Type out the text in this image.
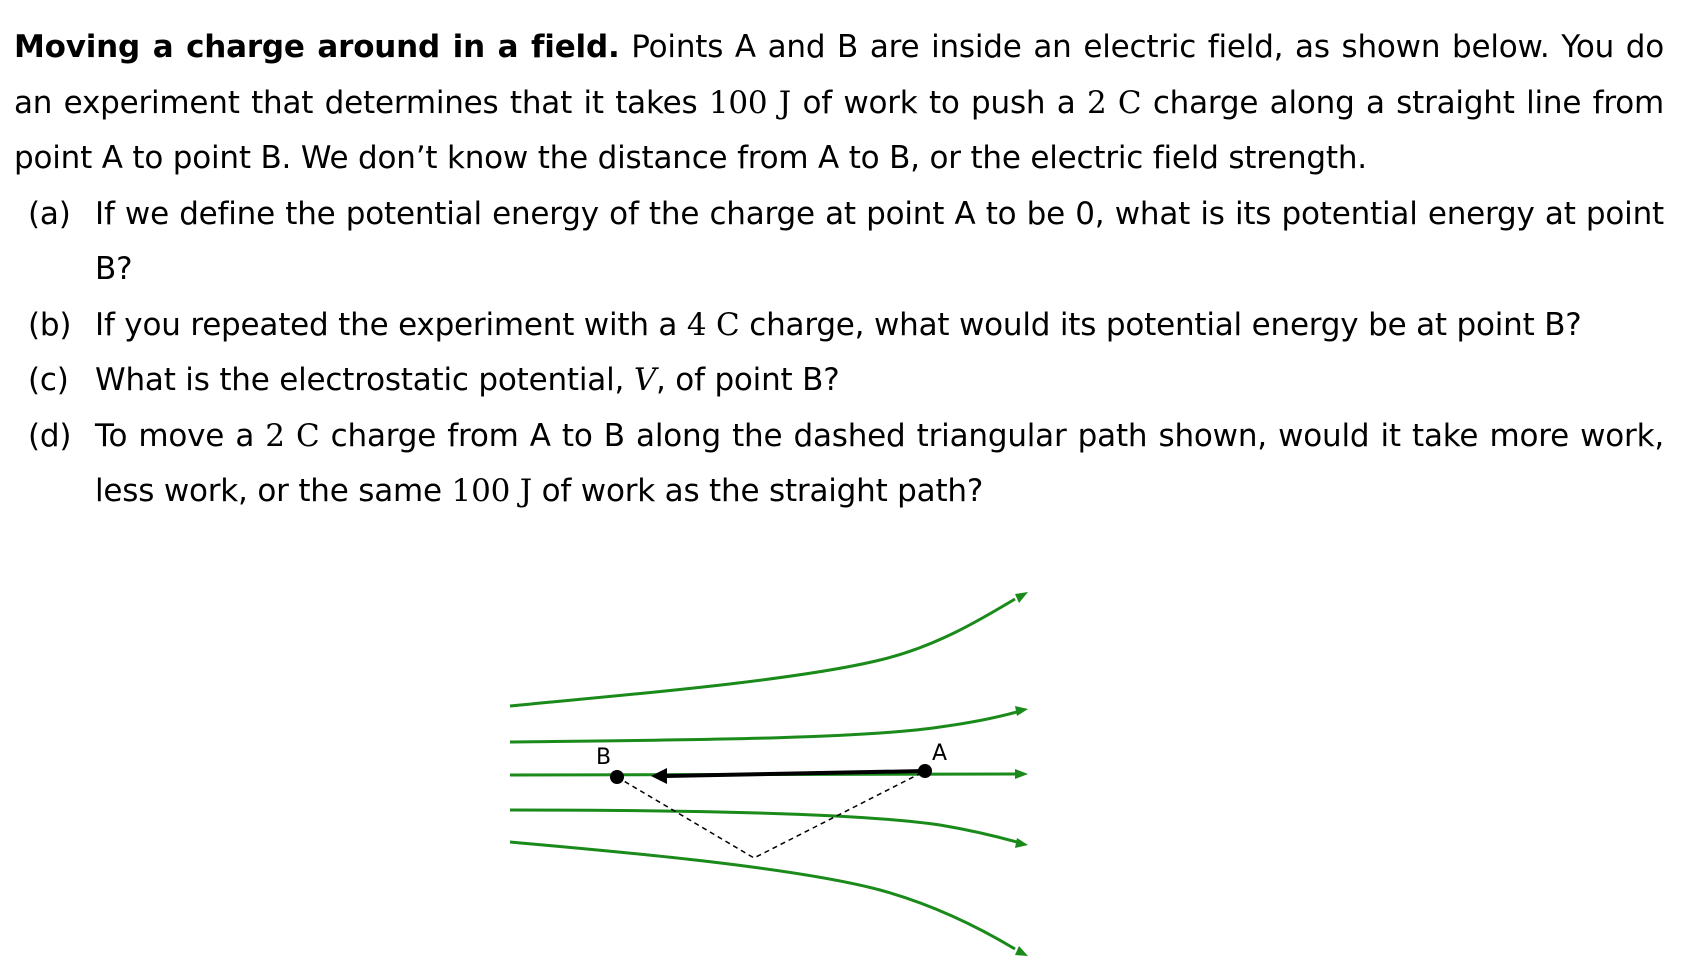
Moving a charge around in a field. Points A and B are inside an electric field, as shown below. You do an experiment that determines that it takes 100 J of work to push a 2 C charge along a straight line from point A to point B. We don’t know the distance from A to B, or the electric field strength.

(a) If we define the potential energy of the charge at point A to be 0, what is its potential energy at point B?
(b) If you repeated the experiment with a 4 C charge, what would its potential energy be at point B?
(c) What is the electrostatic potential, V, of point B?
(d) To move a 2 C charge from A to B along the dashed triangular path shown, would it take more work, less work, or the same 100 J of work as the straight path?
B	A
